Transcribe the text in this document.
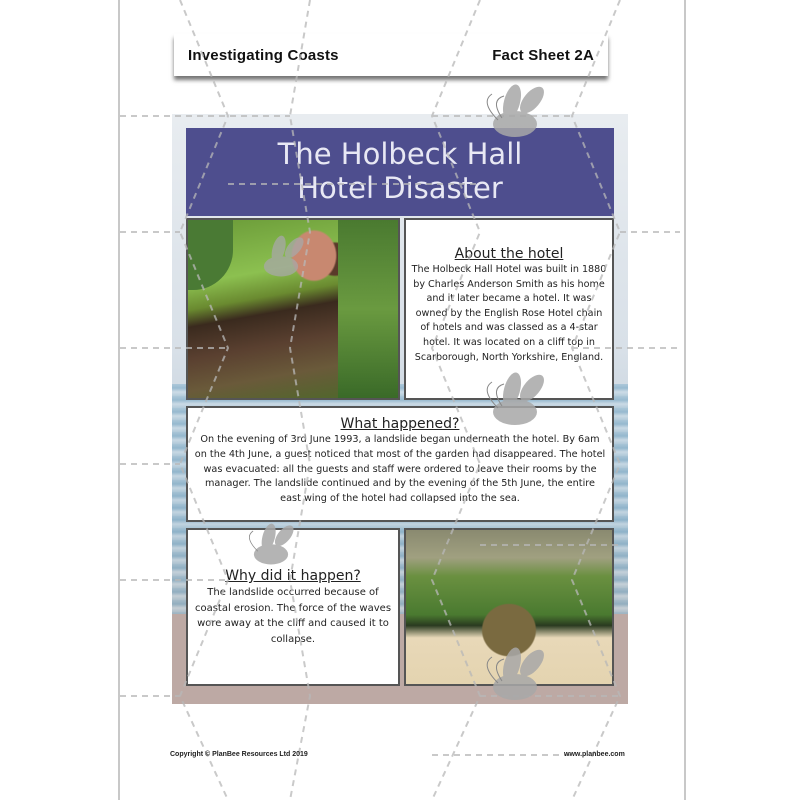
Investigating Coasts	Fact Sheet 2A
The Holbeck Hall
Hotel Disaster
About the hotel

The Holbeck Hall Hotel was built in 1880 by Charles Anderson Smith as his home and it later became a hotel. It was owned by the English Rose Hotel chain of hotels and was classed as a 4-star hotel. It was located on a cliff top in Scarborough, North Yorkshire, England.

What happened?

On the evening of 3rd June 1993, a landslide began underneath the hotel. By 6am on the 4th June, a guest noticed that most of the garden had disappeared. The hotel was evacuated: all the guests and staff were ordered to leave their rooms by the manager. The landslide continued and by the evening of the 5th June, the entire east wing of the hotel had collapsed into the sea.

Why did it happen?

The landslide occurred because of coastal erosion. The force of the waves wore away at the cliff and caused it to collapse.

Copyright © PlanBee Resources Ltd 2019	www.planbee.com
